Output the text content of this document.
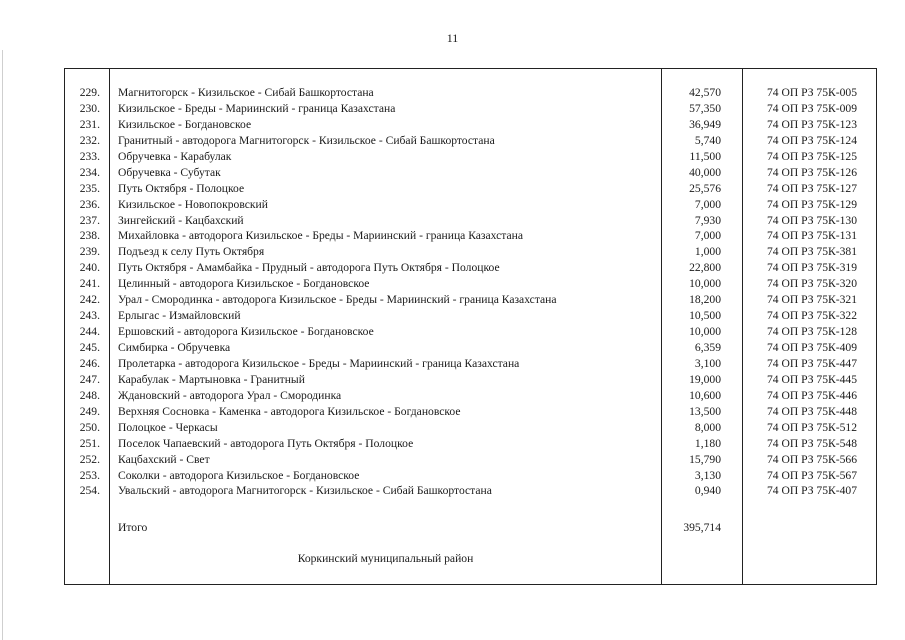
11
229. Магнитогорск - Кизильское - Сибай Башкортостана	42,570	74 ОП РЗ 75К-005
230. Кизильское - Бреды - Мариинский - граница Казахстана	57,350	74 ОП РЗ 75К-009
231. Кизильское - Богдановское	36,949	74 ОП РЗ 75К-123
232. Гранитный - автодорога Магнитогорск - Кизильское - Сибай Башкортостана	5,740	74 ОП РЗ 75К-124
233. Обручевка - Карабулак	11,500	74 ОП РЗ 75К-125
234. Обручевка - Субутак	40,000	74 ОП РЗ 75К-126
235. Путь Октября - Полоцкое	25,576	74 ОП РЗ 75К-127
236. Кизильское - Новопокровский	7,000	74 ОП РЗ 75К-129
237. Зингейский - Кацбахский	7,930	74 ОП РЗ 75К-130
238. Михайловка - автодорога Кизильское - Бреды - Мариинский - граница Казахстана	7,000	74 ОП РЗ 75К-131
239. Подъезд к селу Путь Октября	1,000	74 ОП РЗ 75К-381
240. Путь Октября - Амамбайка - Прудный - автодорога Путь Октября - Полоцкое	22,800	74 ОП РЗ 75К-319
241. Целинный - автодорога Кизильское - Богдановское	10,000	74 ОП РЗ 75К-320
242. Урал - Смородинка - автодорога Кизильское - Бреды - Мариинский - граница Казахстана	18,200	74 ОП РЗ 75К-321
243. Ерлыгас - Измайловский	10,500	74 ОП РЗ 75К-322
244. Ершовский - автодорога Кизильское - Богдановское	10,000	74 ОП РЗ 75К-128
245. Симбирка - Обручевка	6,359	74 ОП РЗ 75К-409
246. Пролетарка - автодорога Кизильское - Бреды - Мариинский - граница Казахстана	3,100	74 ОП РЗ 75К-447
247. Карабулак - Мартыновка - Гранитный	19,000	74 ОП РЗ 75К-445
248. Ждановский - автодорога Урал - Смородинка	10,600	74 ОП РЗ 75К-446
249. Верхняя Сосновка - Каменка - автодорога Кизильское - Богдановское	13,500	74 ОП РЗ 75К-448
250. Полоцкое - Черкасы	8,000	74 ОП РЗ 75К-512
251. Поселок Чапаевский - автодорога Путь Октября - Полоцкое	1,180	74 ОП РЗ 75К-548
252. Кацбахский - Свет	15,790	74 ОП РЗ 75К-566
253. Соколки - автодорога Кизильское - Богдановское	3,130	74 ОП РЗ 75К-567
254. Увальский - автодорога Магнитогорск - Кизильское - Сибай Башкортостана	0,940	74 ОП РЗ 75К-407
Итого	395,714
Коркинский муниципальный район
